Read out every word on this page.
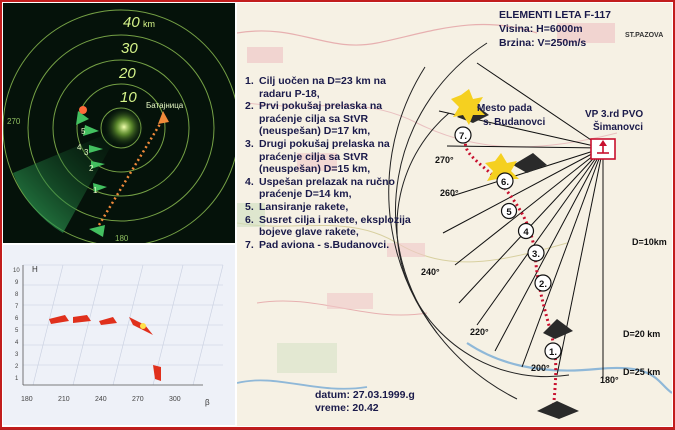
40 km
30
20
10
270
180
Батајница
5
4
3
2
1
H
10
9
8
7
6
5
4
3
2
1
180	210	240	270	300	β
7.
6.
5
4
3.
2.
1.
270°
260°
240°
220°
200°
180°
D=10km
D=20 km
D=25 km
Mesto pada
s. Budanovci
VP 3.rd PVO
Šimanovci
ST.PAZOVA
ELEMENTI LETA F-117
Visina: H=6000m
Brzina: V=250m/s
1. Cilj uočen na D=23 km na radaru P-18,
2. Prvi pokušaj prelaska na praćenje cilja sa StVR (neuspešan) D=17 km,
3. Drugi pokušaj prelaska na praćenje cilja sa StVR (neuspešan) D=15 km,
4. Uspešan prelazak na ručno praćenje D=14 km,
5. Lansiranje rakete,
6. Susret cilja i rakete, eksplozija bojeve glave rakete,
7. Pad aviona - s.Budanovci.
datum: 27.03.1999.g
vreme: 20.42
